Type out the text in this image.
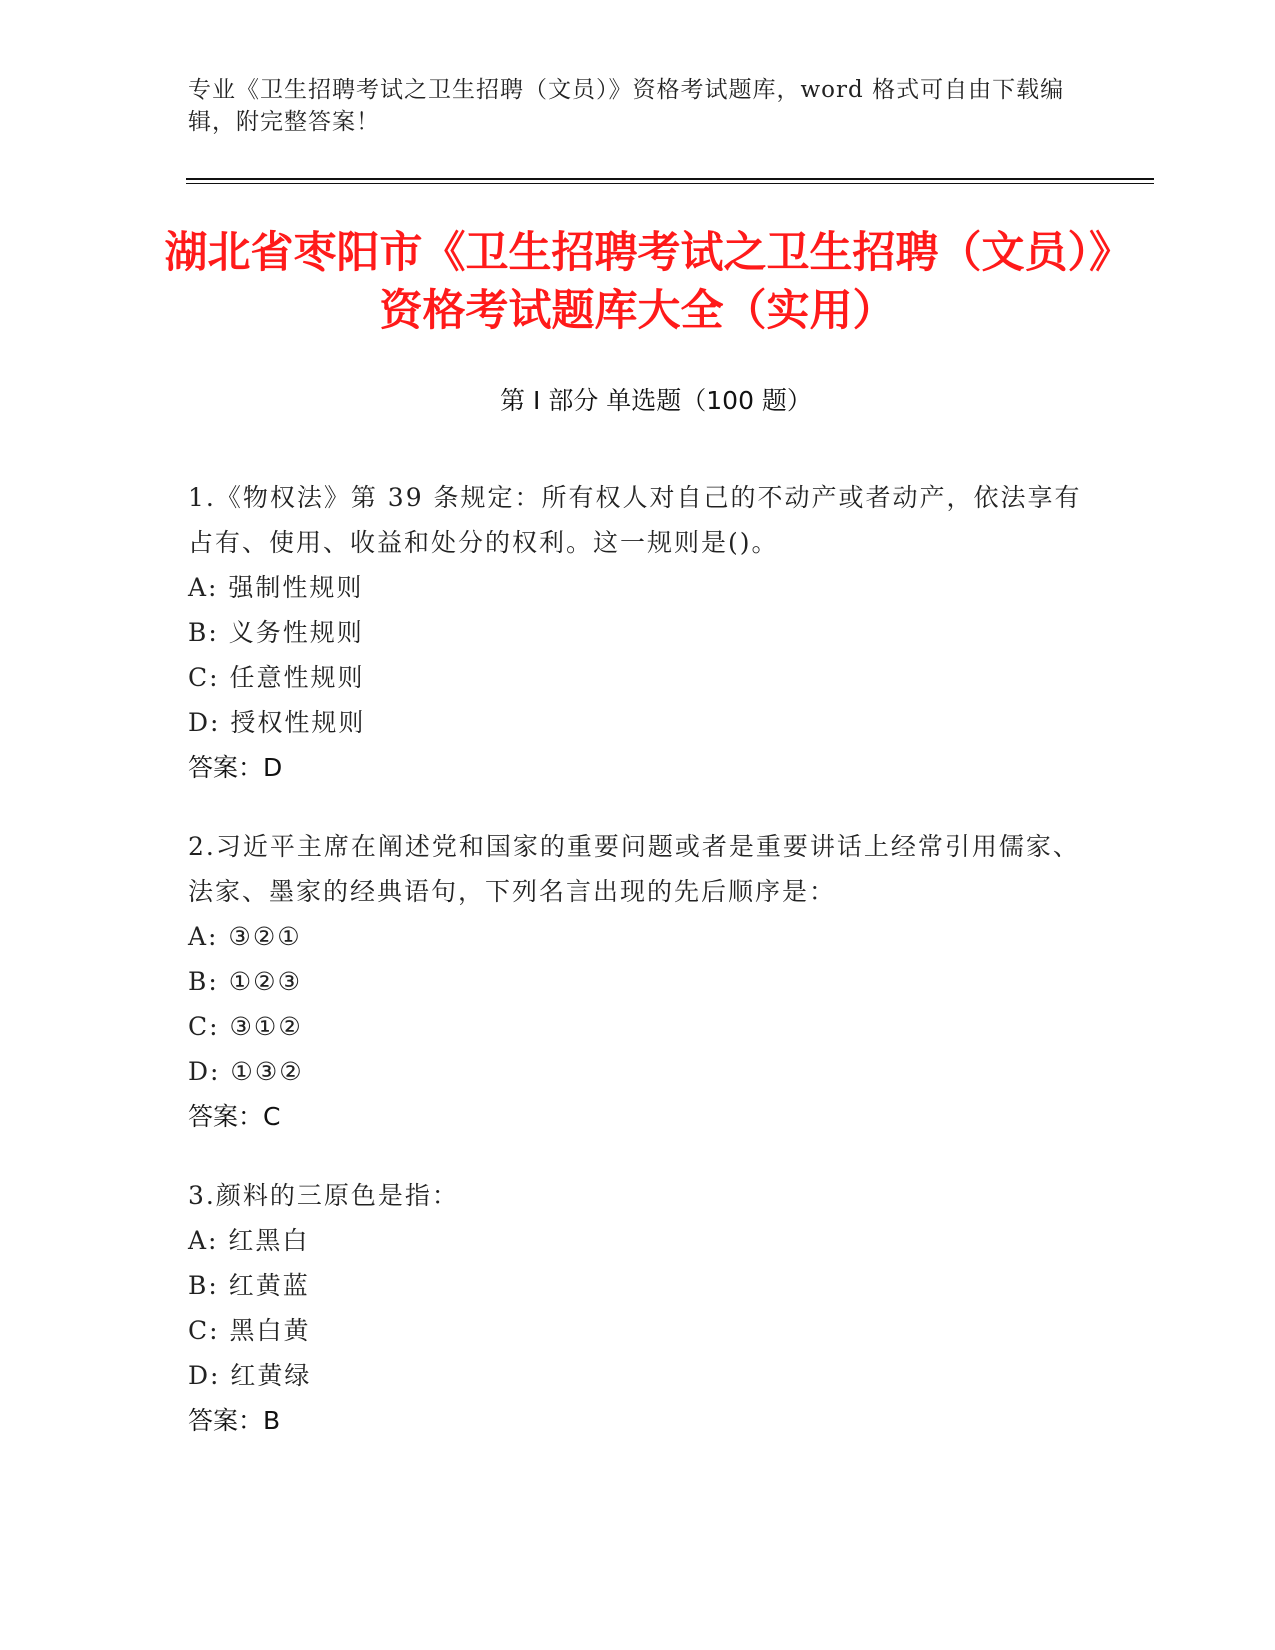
专业《卫生招聘考试之卫生招聘（文员）》资格考试题库，word 格式可自由下载编辑，附完整答案！
湖北省枣阳市《卫生招聘考试之卫生招聘（文员）》资格考试题库大全（实用）
第 I 部分 单选题（100 题）
1.《物权法》第 39 条规定：所有权人对自己的不动产或者动产，依法享有占有、使用、收益和处分的权利。这一规则是()。
A: 强制性规则
B: 义务性规则
C: 任意性规则
D: 授权性规则
答案：D
2.习近平主席在阐述党和国家的重要问题或者是重要讲话上经常引用儒家、法家、墨家的经典语句，下列名言出现的先后顺序是：
A: ③②①
B: ①②③
C: ③①②
D: ①③②
答案：C
3.颜料的三原色是指：
A: 红黑白
B: 红黄蓝
C: 黑白黄
D: 红黄绿
答案：B
